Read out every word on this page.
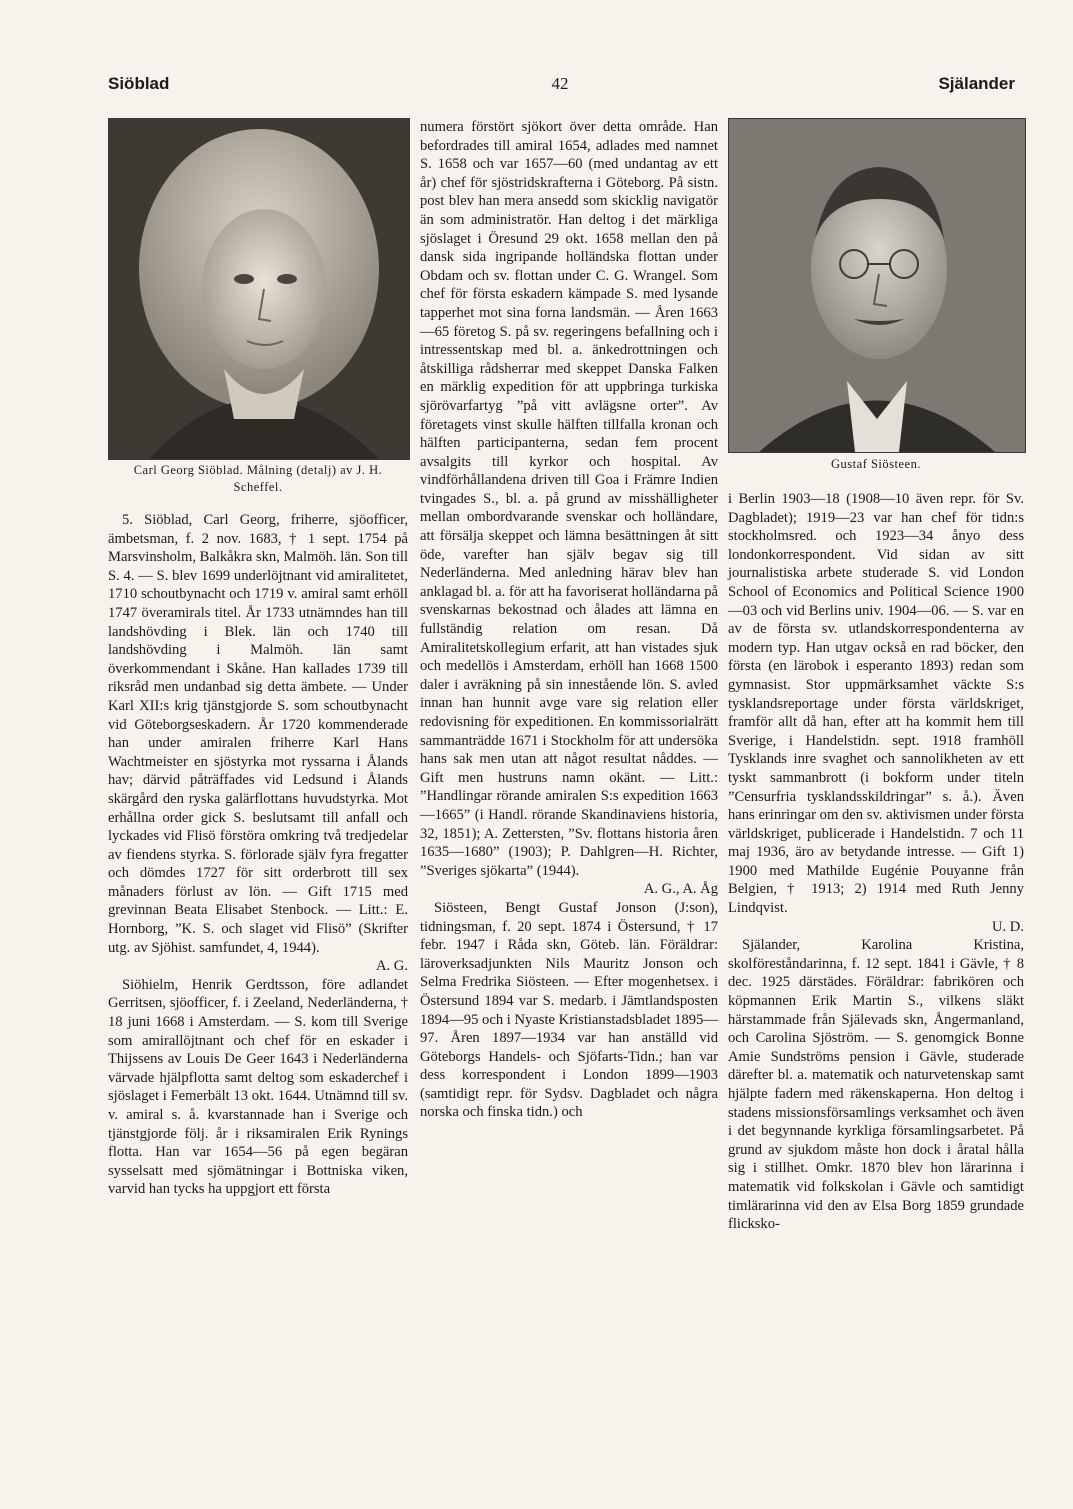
Siöblad	42	Själander
Carl Georg Siöblad. Målning (detalj) av J. H. Scheffel.
Gustaf Siösteen.

5. Siöblad, Carl Georg, friherre, sjöofficer, ämbetsman, f. 2 nov. 1683, † 1 sept. 1754 på Marsvinsholm, Balkåkra skn, Malmöh. län. Son till S. 4. — S. blev 1699 underlöjtnant vid amiralitetet, 1710 schoutbynacht och 1719 v. amiral samt erhöll 1747 överamirals titel. År 1733 utnämndes han till landshövding i Blek. län och 1740 till landshövding i Malmöh. län samt överkommendant i Skåne. Han kallades 1739 till riksråd men undanbad sig detta ämbete. — Under Karl XII:s krig tjänstgjorde S. som schoutbynacht vid Göteborgseskadern. År 1720 kommenderade han under amiralen friherre Karl Hans Wachtmeister en sjöstyrka mot ryssarna i Ålands hav; därvid påträffades vid Ledsund i Ålands skärgård den ryska galärflottans huvudstyrka. Mot erhållna order gick S. beslutsamt till anfall och lyckades vid Flisö förstöra omkring två tredjedelar av fiendens styrka. S. förlorade själv fyra fregatter och dömdes 1727 för sitt orderbrott till sex månaders förlust av lön. — Gift 1715 med grevinnan Beata Elisabet Stenbock. — Litt.: E. Hornborg, ”K. S. och slaget vid Flisö” (Skrifter utg. av Sjöhist. samfundet, 4, 1944).

A. G.

Siöhielm, Henrik Gerdtsson, före adlandet Gerritsen, sjöofficer, f. i Zeeland, Nederländerna, † 18 juni 1668 i Amsterdam. — S. kom till Sverige som amirallöjtnant och chef för en eskader i Thijssens av Louis De Geer 1643 i Nederländerna värvade hjälpflotta samt deltog som eskaderchef i sjöslaget i Femerbält 13 okt. 1644. Utnämnd till sv. v. amiral s. å. kvarstannade han i Sverige och tjänstgjorde följ. år i riksamiralen Erik Rynings flotta. Han var 1654—56 på egen begäran sysselsatt med sjömätningar i Bottniska viken, varvid han tycks ha uppgjort ett första

numera förstört sjökort över detta område. Han befordrades till amiral 1654, adlades med namnet S. 1658 och var 1657—60 (med undantag av ett år) chef för sjöstridskrafterna i Göteborg. På sistn. post blev han mera ansedd som skicklig navigatör än som administratör. Han deltog i det märkliga sjöslaget i Öresund 29 okt. 1658 mellan den på dansk sida ingripande holländska flottan under Obdam och sv. flottan under C. G. Wrangel. Som chef för första eskadern kämpade S. med lysande tapperhet mot sina forna landsmän. — Åren 1663—65 företog S. på sv. regeringens befallning och i intressentskap med bl. a. änkedrottningen och åtskilliga rådsherrar med skeppet Danska Falken en märklig expedition för att uppbringa turkiska sjörövarfartyg ”på vitt avlägsne orter”. Av företagets vinst skulle hälften tillfalla kronan och hälften participanterna, sedan fem procent avsalgits till kyrkor och hospital. Av vindförhållandena driven till Goa i Främre Indien tvingades S., bl. a. på grund av misshälligheter mellan ombordvarande svenskar och holländare, att försälja skeppet och lämna besättningen åt sitt öde, varefter han själv begav sig till Nederländerna. Med anledning härav blev han anklagad bl. a. för att ha favoriserat holländarna på svenskarnas bekostnad och ålades att lämna en fullständig relation om resan. Då Amiralitetskollegium erfarit, att han vistades sjuk och medellös i Amsterdam, erhöll han 1668 1500 daler i avräkning på sin innestående lön. S. avled innan han hunnit avge vare sig relation eller redovisning för expeditionen. En kommissorialrätt sammanträdde 1671 i Stockholm för att undersöka hans sak men utan att något resultat nåddes. — Gift men hustruns namn okänt. — Litt.: ”Handlingar rörande amiralen S:s expedition 1663—1665” (i Handl. rörande Skandinaviens historia, 32, 1851); A. Zettersten, ”Sv. flottans historia åren 1635—1680” (1903); P. Dahlgren—H. Richter, ”Sveriges sjökarta” (1944).

A. G., A. Åg

Siösteen, Bengt Gustaf Jonson (J:son), tidningsman, f. 20 sept. 1874 i Östersund, † 17 febr. 1947 i Råda skn, Göteb. län. Föräldrar: läroverksadjunkten Nils Mauritz Jonson och Selma Fredrika Siösteen. — Efter mogenhetsex. i Östersund 1894 var S. medarb. i Jämtlandsposten 1894—95 och i Nyaste Kristianstadsbladet 1895—97. Åren 1897—1934 var han anställd vid Göteborgs Handels- och Sjöfarts-Tidn.; han var dess korrespondent i London 1899—1903 (samtidigt repr. för Sydsv. Dagbladet och några norska och finska tidn.) och

i Berlin 1903—18 (1908—10 även repr. för Sv. Dagbladet); 1919—23 var han chef för tidn:s stockholmsred. och 1923—34 ånyo dess londonkorrespondent. Vid sidan av sitt journalistiska arbete studerade S. vid London School of Economics and Political Science 1900—03 och vid Berlins univ. 1904—06. — S. var en av de första sv. utlandskorrespondenterna av modern typ. Han utgav också en rad böcker, den första (en lärobok i esperanto 1893) redan som gymnasist. Stor uppmärksamhet väckte S:s tysklandsreportage under första världskriget, framför allt då han, efter att ha kommit hem till Sverige, i Handelstidn. sept. 1918 framhöll Tysklands inre svaghet och sannolikheten av ett tyskt sammanbrott (i bokform under titeln ”Censurfria tysklandsskildringar” s. å.). Även hans erinringar om den sv. aktivismen under första världskriget, publicerade i Handelstidn. 7 och 11 maj 1936, äro av betydande intresse. — Gift 1) 1900 med Mathilde Eugénie Pouyanne från Belgien, † 1913; 2) 1914 med Ruth Jenny Lindqvist.

U. D.

Själander, Karolina Kristina, skolföreståndarinna, f. 12 sept. 1841 i Gävle, † 8 dec. 1925 därstädes. Föräldrar: fabrikören och köpmannen Erik Martin S., vilkens släkt härstammade från Själevads skn, Ångermanland, och Carolina Sjöström. — S. genomgick Bonne Amie Sundströms pension i Gävle, studerade därefter bl. a. matematik och naturvetenskap samt hjälpte fadern med räkenskaperna. Hon deltog i stadens missionsförsamlings verksamhet och även i det begynnande kyrkliga församlingsarbetet. På grund av sjukdom måste hon dock i åratal hålla sig i stillhet. Omkr. 1870 blev hon lärarinna i matematik vid folkskolan i Gävle och samtidigt timlärarinna vid den av Elsa Borg 1859 grundade flicksko-
